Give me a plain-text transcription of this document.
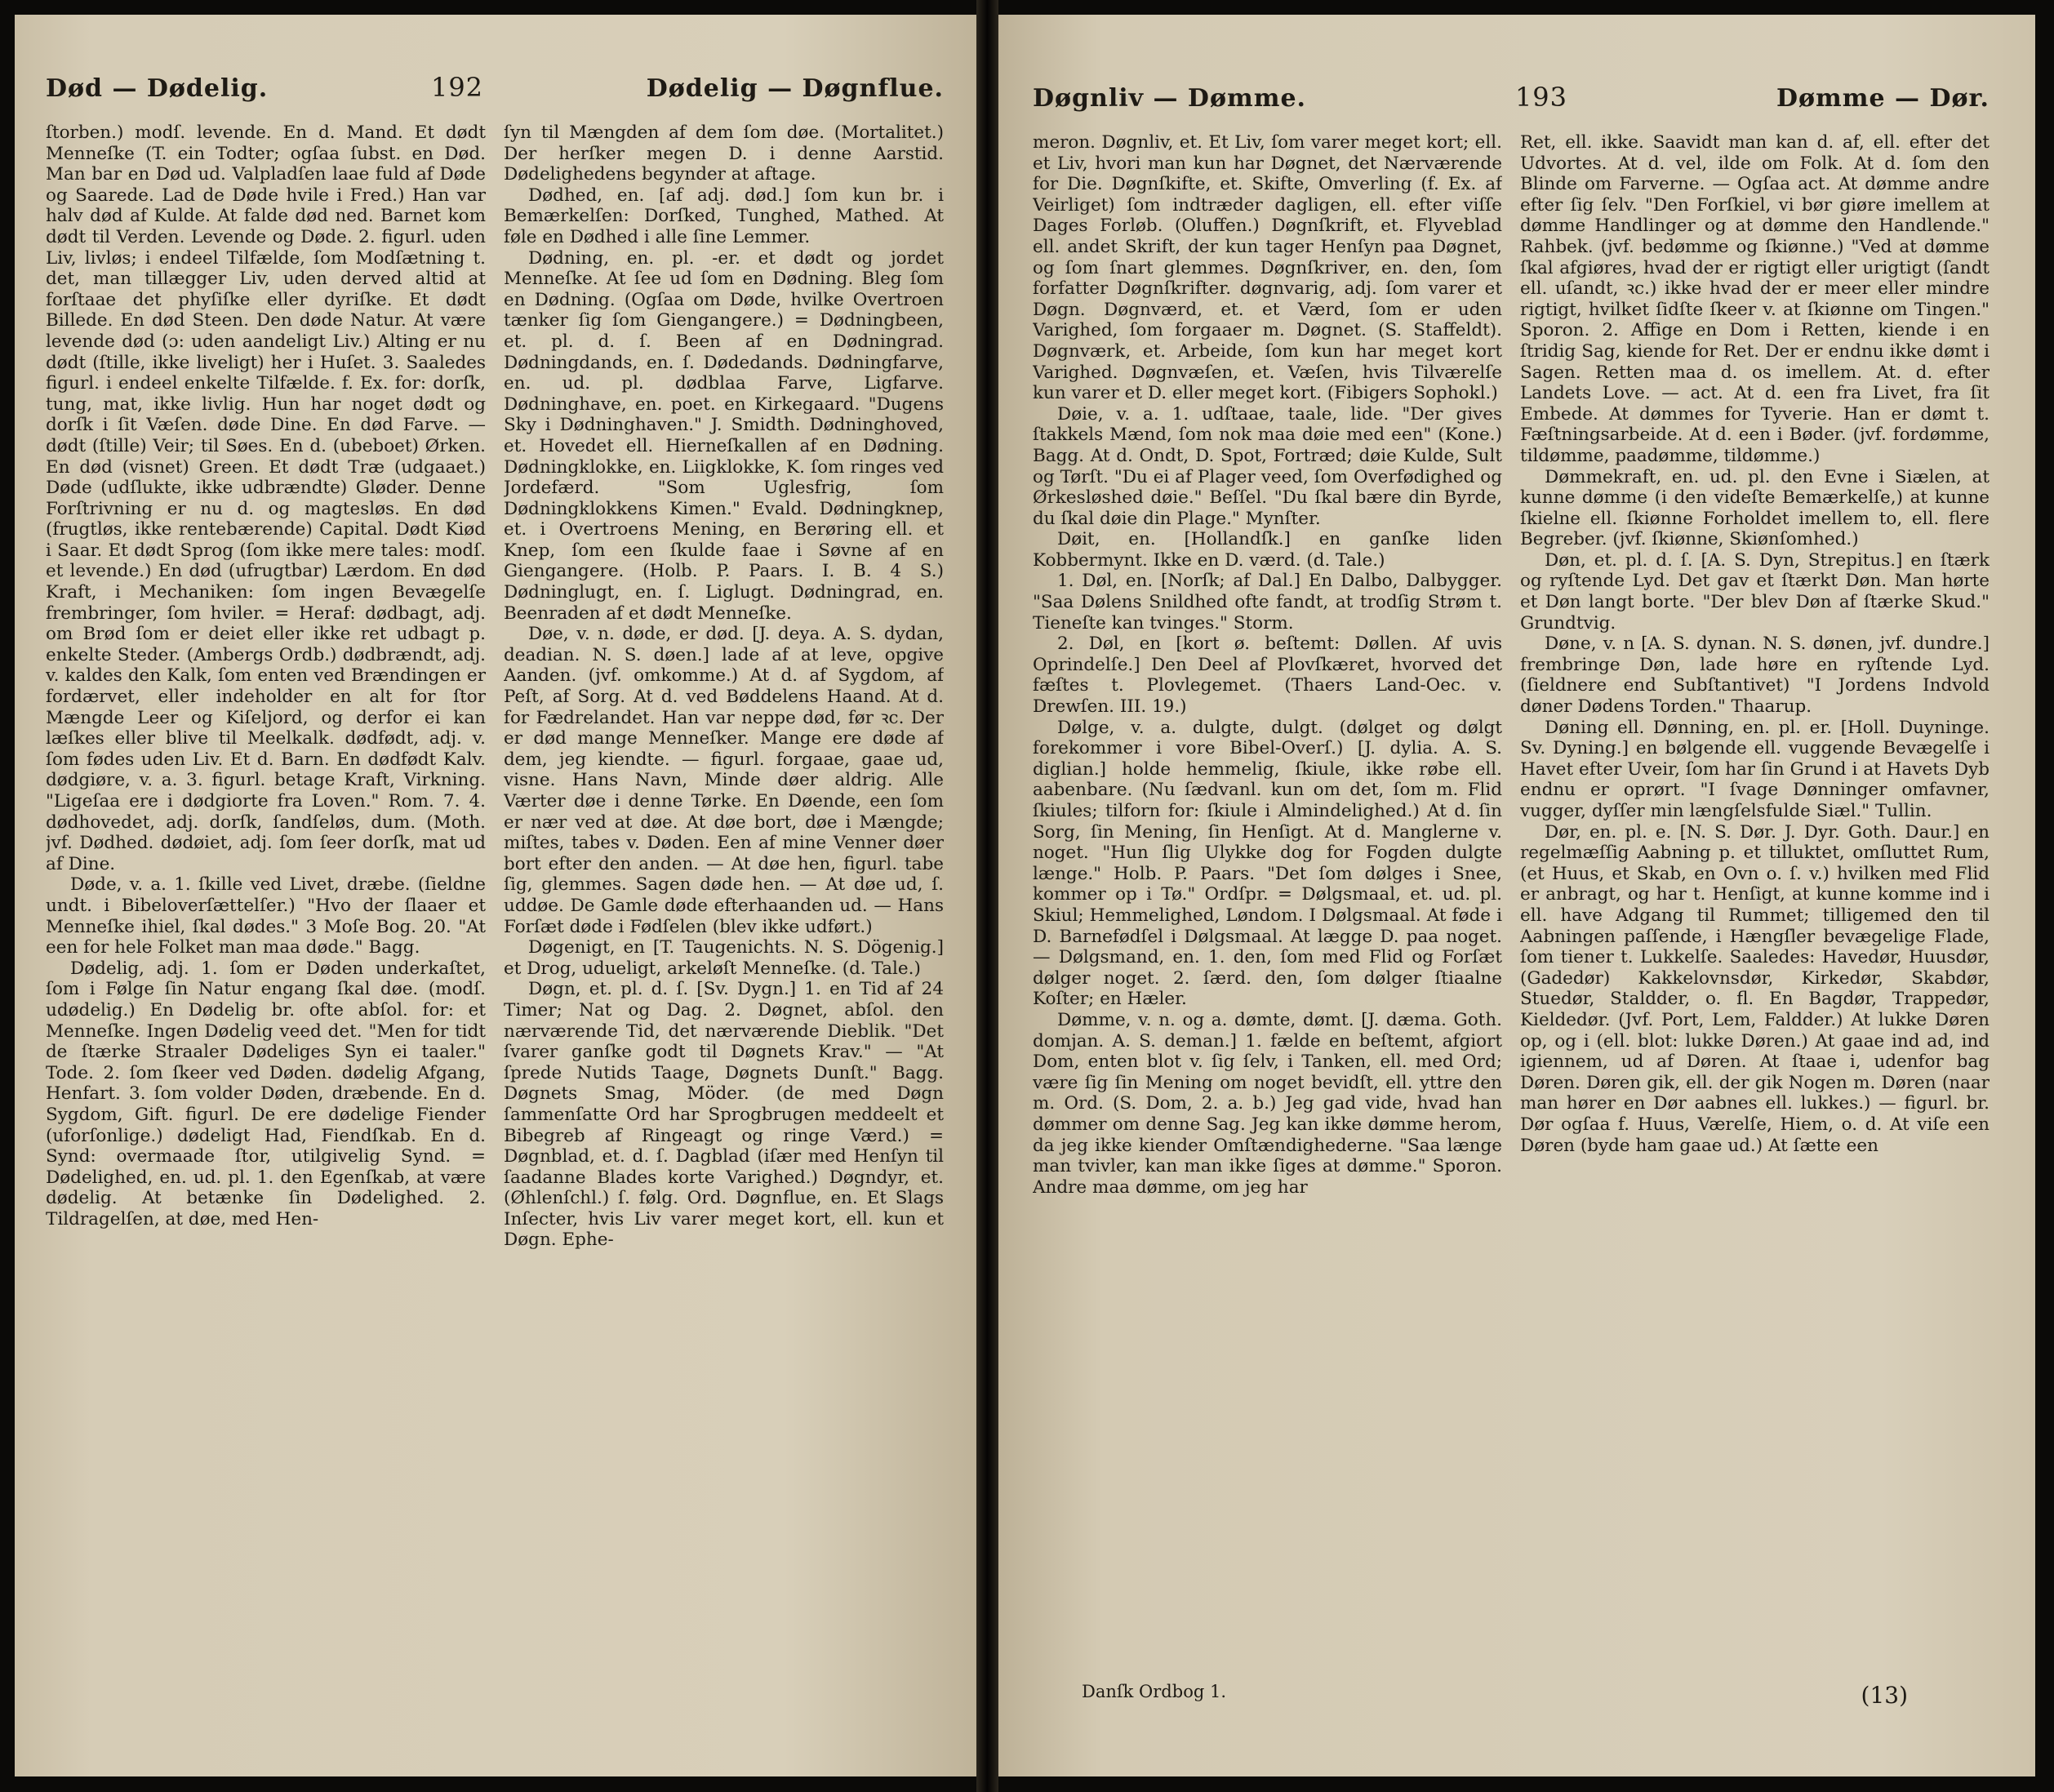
Død — Dødelig.	192	Dødelig — Døgnflue.

ſtorben.) modſ. levende. En d. Mand. Et dødt Menneſke (T. ein Todter; ogſaa ſubst. en Død. Man bar en Død ud. Valpladſen laae fuld af Døde og Saarede. Lad de Døde hvile i Fred.) Han var halv død af Kulde. At falde død ned. Barnet kom dødt til Verden. Levende og Døde. 2. figurl. uden Liv, livløs; i endeel Tilfælde, ſom Modſætning t. det, man tillægger Liv, uden derved altid at forſtaae det phyſiſke eller dyriſke. Et dødt Billede. En død Steen. Den døde Natur. At være levende død (ɔ: uden aandeligt Liv.) Alting er nu dødt (ſtille, ikke liveligt) her i Huſet. 3. Saaledes figurl. i endeel enkelte Tilfælde. f. Ex. for: dorſk, tung, mat, ikke livlig. Hun har noget dødt og dorſk i ſit Væſen. døde Dine. En død Farve. — dødt (ſtille) Veir; til Søes. En d. (ubeboet) Ørken. En død (visnet) Green. Et dødt Træ (udgaaet.) Døde (udſlukte, ikke udbrændte) Gløder. Denne Forſtrivning er nu d. og magtesløs. En død (frugtløs, ikke rentebærende) Capital. Dødt Kiød i Saar. Et dødt Sprog (ſom ikke mere tales: modſ. et levende.) En død (ufrugtbar) Lærdom. En død Kraft, i Mechaniken: ſom ingen Bevægelſe frembringer, ſom hviler. = Heraf: dødbagt, adj. om Brød ſom er deiet eller ikke ret udbagt p. enkelte Steder. (Ambergs Ordb.) dødbrændt, adj. v. kaldes den Kalk, ſom enten ved Brændingen er fordærvet, eller indeholder en alt for ſtor Mængde Leer og Kiſeljord, og derfor ei kan læſkes eller blive til Meelkalk. dødfødt, adj. v. ſom fødes uden Liv. Et d. Barn. En dødfødt Kalv. dødgiøre, v. a. 3. figurl. betage Kraft, Virkning. "Ligeſaa ere i dødgiorte fra Loven." Rom. 7. 4. dødhovedet, adj. dorſk, ſandſeløs, dum. (Moth. jvf. Dødhed. dødøiet, adj. ſom ſeer dorſk, mat ud af Dine.

Døde, v. a. 1. ſkille ved Livet, dræbe. (ſieldne undt. i Bibeloverſættelſer.) "Hvo der ſlaaer et Menneſke ihiel, ſkal dødes." 3 Moſe Bog. 20. "At een for hele Folket man maa døde." Bagg.

Dødelig, adj. 1. ſom er Døden underkaſtet, ſom i Følge ſin Natur engang ſkal døe. (modſ. udødelig.) En Dødelig br. ofte abſol. for: et Menneſke. Ingen Dødelig veed det. "Men for tidt de ſtærke Straaler Dødeliges Syn ei taaler." Tode. 2. ſom ſkeer ved Døden. dødelig Afgang, Henfart. 3. ſom volder Døden, dræbende. En d. Sygdom, Gift. figurl. De ere dødelige Fiender (uforſonlige.) dødeligt Had, Fiendſkab. En d. Synd: overmaade ſtor, utilgivelig Synd. = Dødelighed, en. ud. pl. 1. den Egenſkab, at være dødelig. At betænke ſin Dødelighed. 2. Tildragelſen, at døe, med Hen-

ſyn til Mængden af dem ſom døe. (Mortalitet.) Der herſker megen D. i denne Aarstid. Dødelighedens begynder at aftage.

Dødhed, en. [af adj. død.] ſom kun br. i Bemærkelſen: Dorſked, Tunghed, Mathed. At føle en Dødhed i alle ſine Lemmer.

Dødning, en. pl. -er. et dødt og jordet Menneſke. At ſee ud ſom en Dødning. Bleg ſom en Dødning. (Ogſaa om Døde, hvilke Overtroen tænker ſig ſom Giengangere.) = Dødningbeen, et. pl. d. ſ. Been af en Dødningrad. Dødningdands, en. ſ. Dødedands. Dødningfarve, en. ud. pl. dødblaa Farve, Ligfarve. Dødninghave, en. poet. en Kirkegaard. "Dugens Sky i Dødninghaven." J. Smidth. Dødninghoved, et. Hovedet ell. Hierneſkallen af en Dødning. Dødningklokke, en. Liigklokke, K. ſom ringes ved Jordefærd. "Som Uglesfrig, ſom Dødningklokkens Kimen." Evald. Dødningknep, et. i Overtroens Mening, en Berøring ell. et Knep, ſom een ſkulde faae i Søvne af en Giengangere. (Holb. P. Paars. I. B. 4 S.) Dødninglugt, en. ſ. Liglugt. Dødningrad, en. Beenraden af et dødt Menneſke.

Døe, v. n. døde, er død. [J. deya. A. S. dydan, deadian. N. S. døen.] lade af at leve, opgive Aanden. (jvf. omkomme.) At d. af Sygdom, af Peſt, af Sorg. At d. ved Bøddelens Haand. At d. for Fædrelandet. Han var neppe død, før ꝛc. Der er død mange Menneſker. Mange ere døde af dem, jeg kiendte. — figurl. forgaae, gaae ud, visne. Hans Navn, Minde døer aldrig. Alle Værter døe i denne Tørke. En Døende, een ſom er nær ved at døe. At døe bort, døe i Mængde; miſtes, tabes v. Døden. Een af mine Venner døer bort efter den anden. — At døe hen, figurl. tabe ſig, glemmes. Sagen døde hen. — At døe ud, ſ. uddøe. De Gamle døde efterhaanden ud. — Hans Forſæt døde i Fødſelen (blev ikke udført.)

Døgenigt, en [T. Taugenichts. N. S. Dögenig.] et Drog, udueligt, arkeløſt Menneſke. (d. Tale.)

Døgn, et. pl. d. ſ. [Sv. Dygn.] 1. en Tid af 24 Timer; Nat og Dag. 2. Døgnet, abſol. den nærværende Tid, det nærværende Dieblik. "Det ſvarer ganſke godt til Døgnets Krav." — "At ſprede Nutids Taage, Døgnets Dunſt." Bagg. Døgnets Smag, Möder. (de med Døgn ſammenſatte Ord har Sprogbrugen meddeelt et Bibegreb af Ringeagt og ringe Værd.) = Døgnblad, et. d. ſ. Dagblad (iſær med Henſyn til ſaadanne Blades korte Varighed.) Døgndyr, et. (Øhlenſchl.) ſ. følg. Ord. Døgnflue, en. Et Slags Inſecter, hvis Liv varer meget kort, ell. kun et Døgn. Ephe-

Døgnliv — Dømme.	193	Dømme — Dør.

meron. Døgnliv, et. Et Liv, ſom varer meget kort; ell. et Liv, hvori man kun har Døgnet, det Nærværende for Die. Døgnſkifte, et. Skifte, Omverling (f. Ex. af Veirliget) ſom indtræder dagligen, ell. efter viſſe Dages Forløb. (Oluffen.) Døgnſkrift, et. Flyveblad ell. andet Skrift, der kun tager Henſyn paa Døgnet, og ſom ſnart glemmes. Døgnſkriver, en. den, ſom forfatter Døgnſkrifter. døgnvarig, adj. ſom varer et Døgn. Døgnværd, et. et Værd, ſom er uden Varighed, ſom forgaaer m. Døgnet. (S. Staffeldt). Døgnværk, et. Arbeide, ſom kun har meget kort Varighed. Døgnvæſen, et. Væſen, hvis Tilværelſe kun varer et D. eller meget kort. (Fibigers Sophokl.)

Døie, v. a. 1. udſtaae, taale, lide. "Der gives ſtakkels Mænd, ſom nok maa døie med een" (Kone.) Bagg. At d. Ondt, D. Spot, Fortræd; døie Kulde, Sult og Tørſt. "Du ei af Plager veed, ſom Overfødighed og Ørkesløshed døie." Beſſel. "Du ſkal bære din Byrde, du ſkal døie din Plage." Mynſter.

Døit, en. [Hollandſk.] en ganſke liden Kobbermynt. Ikke en D. værd. (d. Tale.)

1. Døl, en. [Norſk; af Dal.] En Dalbo, Dalbygger. "Saa Dølens Snildhed ofte fandt, at trodſig Strøm t. Tieneſte kan tvinges." Storm.

2. Døl, en [kort ø. beſtemt: Døllen. Af uvis Oprindelſe.] Den Deel af Plovſkæret, hvorved det fæſtes t. Plovlegemet. (Thaers Land-Oec. v. Drewſen. III. 19.)

Dølge, v. a. dulgte, dulgt. (dølget og dølgt forekommer i vore Bibel-Overſ.) [J. dylia. A. S. diglian.] holde hemmelig, ſkiule, ikke røbe ell. aabenbare. (Nu ſædvanl. kun om det, ſom m. Flid ſkiules; tilforn for: ſkiule i Almindelighed.) At d. ſin Sorg, ſin Mening, ſin Henſigt. At d. Manglerne v. noget. "Hun ſlig Ulykke dog for Fogden dulgte længe." Holb. P. Paars. "Det ſom dølges i Snee, kommer op i Tø." Ordſpr. = Dølgsmaal, et. ud. pl. Skiul; Hemmelighed, Løndom. I Dølgsmaal. At føde i D. Barnefødſel i Dølgsmaal. At lægge D. paa noget. — Dølgsmand, en. 1. den, ſom med Flid og Forſæt dølger noget. 2. ſærd. den, ſom dølger ſtiaalne Koſter; en Hæler.

Dømme, v. n. og a. dømte, dømt. [J. dæma. Goth. domjan. A. S. deman.] 1. fælde en beſtemt, afgiort Dom, enten blot v. ſig ſelv, i Tanken, ell. med Ord; være ſig ſin Mening om noget bevidſt, ell. yttre den m. Ord. (S. Dom, 2. a. b.) Jeg gad vide, hvad han dømmer om denne Sag. Jeg kan ikke dømme herom, da jeg ikke kiender Omſtændighederne. "Saa længe man tvivler, kan man ikke ſiges at dømme." Sporon. Andre maa dømme, om jeg har

Ret, ell. ikke. Saavidt man kan d. af, ell. efter det Udvortes. At d. vel, ilde om Folk. At d. ſom den Blinde om Farverne. — Ogſaa act. At dømme andre efter ſig ſelv. "Den Forſkiel, vi bør giøre imellem at dømme Handlinger og at dømme den Handlende." Rahbek. (jvf. bedømme og ſkiønne.) "Ved at dømme ſkal afgiøres, hvad der er rigtigt eller urigtigt (ſandt ell. uſandt, ꝛc.) ikke hvad der er meer eller mindre rigtigt, hvilket ſidſte ſkeer v. at ſkiønne om Tingen." Sporon. 2. Affige en Dom i Retten, kiende i en ſtridig Sag, kiende for Ret. Der er endnu ikke dømt i Sagen. Retten maa d. os imellem. At. d. efter Landets Love. — act. At d. een fra Livet, fra ſit Embede. At dømmes for Tyverie. Han er dømt t. Fæſtningsarbeide. At d. een i Bøder. (jvf. fordømme, tildømme, paadømme, tildømme.)

Dømmekraft, en. ud. pl. den Evne i Siælen, at kunne dømme (i den videſte Bemærkelſe,) at kunne ſkielne ell. ſkiønne Forholdet imellem to, ell. flere Begreber. (jvf. ſkiønne, Skiønſomhed.)

Døn, et. pl. d. ſ. [A. S. Dyn, Strepitus.] en ſtærk og ryſtende Lyd. Det gav et ſtærkt Døn. Man hørte et Døn langt borte. "Der blev Døn af ſtærke Skud." Grundtvig.

Døne, v. n [A. S. dynan. N. S. dønen, jvf. dundre.] frembringe Døn, lade høre en ryſtende Lyd. (ſieldnere end Subſtantivet) "I Jordens Indvold døner Dødens Torden." Thaarup.

Døning ell. Dønning, en. pl. er. [Holl. Duyninge. Sv. Dyning.] en bølgende ell. vuggende Bevægelſe i Havet efter Uveir, ſom har ſin Grund i at Havets Dyb endnu er oprørt. "I ſvage Dønninger omfavner, vugger, dyſſer min længſelsfulde Siæl." Tullin.

Dør, en. pl. e. [N. S. Dør. J. Dyr. Goth. Daur.] en regelmæſſig Aabning p. et tilluktet, omſluttet Rum, (et Huus, et Skab, en Ovn o. ſ. v.) hvilken med Flid er anbragt, og har t. Henſigt, at kunne komme ind i ell. have Adgang til Rummet; tilligemed den til Aabningen paſſende, i Hængſler bevægelige Flade, ſom tiener t. Lukkelſe. Saaledes: Havedør, Huusdør, (Gadedør) Kakkelovnsdør, Kirkedør, Skabdør, Stuedør, Staldder, o. fl. En Bagdør, Trappedør, Kieldedør. (Jvf. Port, Lem, Faldder.) At lukke Døren op, og i (ell. blot: lukke Døren.) At gaae ind ad, ind igiennem, ud af Døren. At ſtaae i, udenfor bag Døren. Døren gik, ell. der gik Nogen m. Døren (naar man hører en Dør aabnes ell. lukkes.) — figurl. br. Dør ogſaa f. Huus, Værelſe, Hiem, o. d. At viſe een Døren (byde ham gaae ud.) At ſætte een

Danſk Ordbog 1.	(13)
